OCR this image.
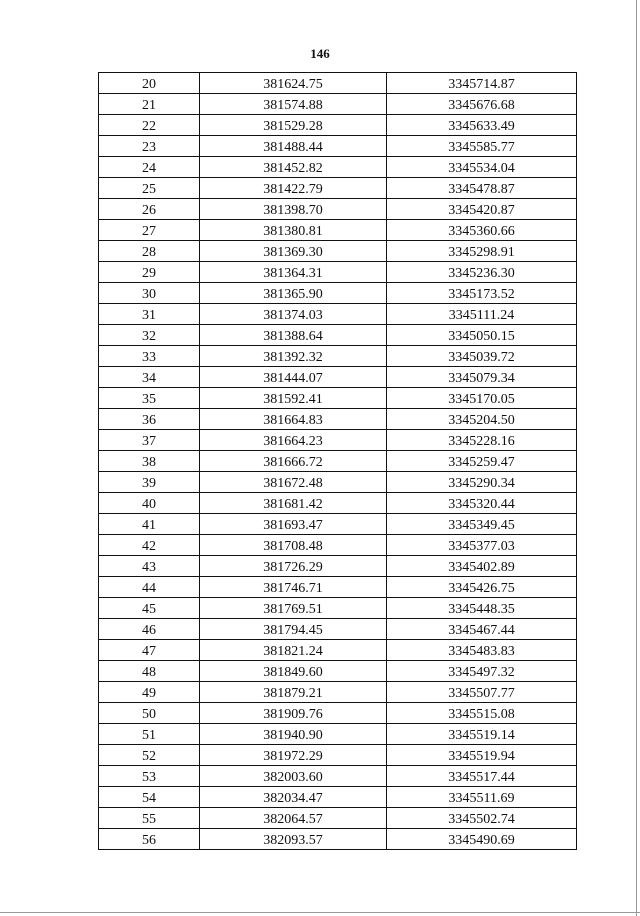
146
20	381624.75	3345714.87
21	381574.88	3345676.68
22	381529.28	3345633.49
23	381488.44	3345585.77
24	381452.82	3345534.04
25	381422.79	3345478.87
26	381398.70	3345420.87
27	381380.81	3345360.66
28	381369.30	3345298.91
29	381364.31	3345236.30
30	381365.90	3345173.52
31	381374.03	3345111.24
32	381388.64	3345050.15
33	381392.32	3345039.72
34	381444.07	3345079.34
35	381592.41	3345170.05
36	381664.83	3345204.50
37	381664.23	3345228.16
38	381666.72	3345259.47
39	381672.48	3345290.34
40	381681.42	3345320.44
41	381693.47	3345349.45
42	381708.48	3345377.03
43	381726.29	3345402.89
44	381746.71	3345426.75
45	381769.51	3345448.35
46	381794.45	3345467.44
47	381821.24	3345483.83
48	381849.60	3345497.32
49	381879.21	3345507.77
50	381909.76	3345515.08
51	381940.90	3345519.14
52	381972.29	3345519.94
53	382003.60	3345517.44
54	382034.47	3345511.69
55	382064.57	3345502.74
56	382093.57	3345490.69
